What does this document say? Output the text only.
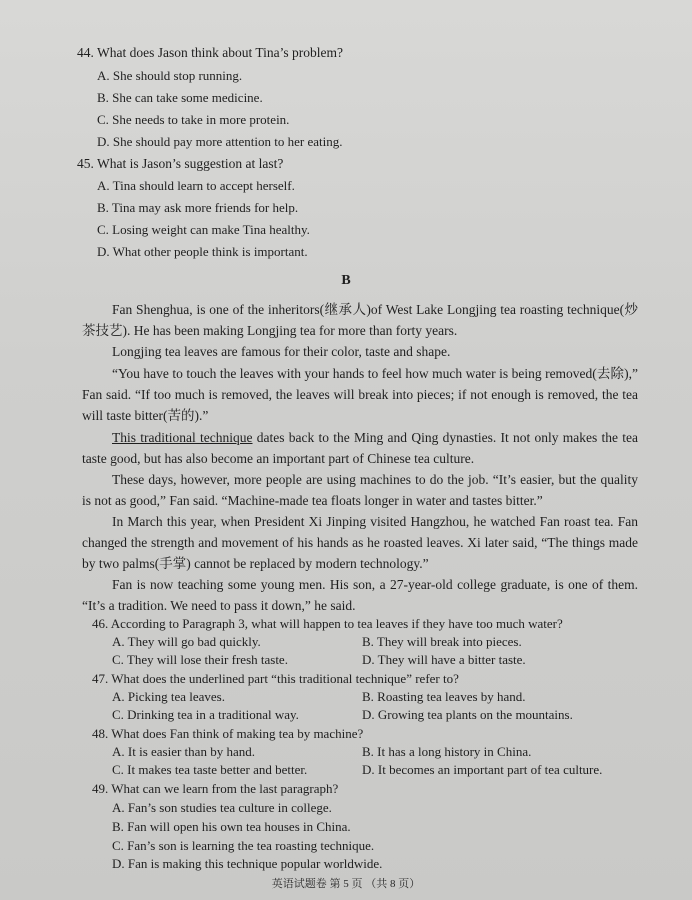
44. What does Jason think about Tina’s problem?
A. She should stop running.
B. She can take some medicine.
C. She needs to take in more protein.
D. She should pay more attention to her eating.
45. What is Jason’s suggestion at last?
A. Tina should learn to accept herself.
B. Tina may ask more friends for help.
C. Losing weight can make Tina healthy.
D. What other people think is important.
B
Fan Shenghua, is one of the inheritors(继承人)of West Lake Longjing tea roasting technique(炒茶技艺). He has been making Longjing tea for more than forty years.
Longjing tea leaves are famous for their color, taste and shape.
“You have to touch the leaves with your hands to feel how much water is being removed(去除),” Fan said. “If too much is removed, the leaves will break into pieces; if not enough is removed, the tea will taste bitter(苦的).”
This traditional technique dates back to the Ming and Qing dynasties. It not only makes the tea taste good, but has also become an important part of Chinese tea culture.
These days, however, more people are using machines to do the job. “It’s easier, but the quality is not as good,” Fan said. “Machine-made tea floats longer in water and tastes bitter.”
In March this year, when President Xi Jinping visited Hangzhou, he watched Fan roast tea. Fan changed the strength and movement of his hands as he roasted leaves. Xi later said, “The things made by two palms(手掌) cannot be replaced by modern technology.”
Fan is now teaching some young men. His son, a 27-year-old college graduate, is one of them. “It’s a tradition. We need to pass it down,” he said.
46. According to Paragraph 3, what will happen to tea leaves if they have too much water?
A. They will go bad quickly.	B. They will break into pieces.
C. They will lose their fresh taste.	D. They will have a bitter taste.
47. What does the underlined part “this traditional technique” refer to?
A. Picking tea leaves.	B. Roasting tea leaves by hand.
C. Drinking tea in a traditional way.	D. Growing tea plants on the mountains.
48. What does Fan think of making tea by machine?
A. It is easier than by hand.	B. It has a long history in China.
C. It makes tea taste better and better.	D. It becomes an important part of tea culture.
49. What can we learn from the last paragraph?
A. Fan’s son studies tea culture in college.
B. Fan will open his own tea houses in China.
C. Fan’s son is learning the tea roasting technique.
D. Fan is making this technique popular worldwide.
英语试题卷 第 5 页 （共 8 页）
